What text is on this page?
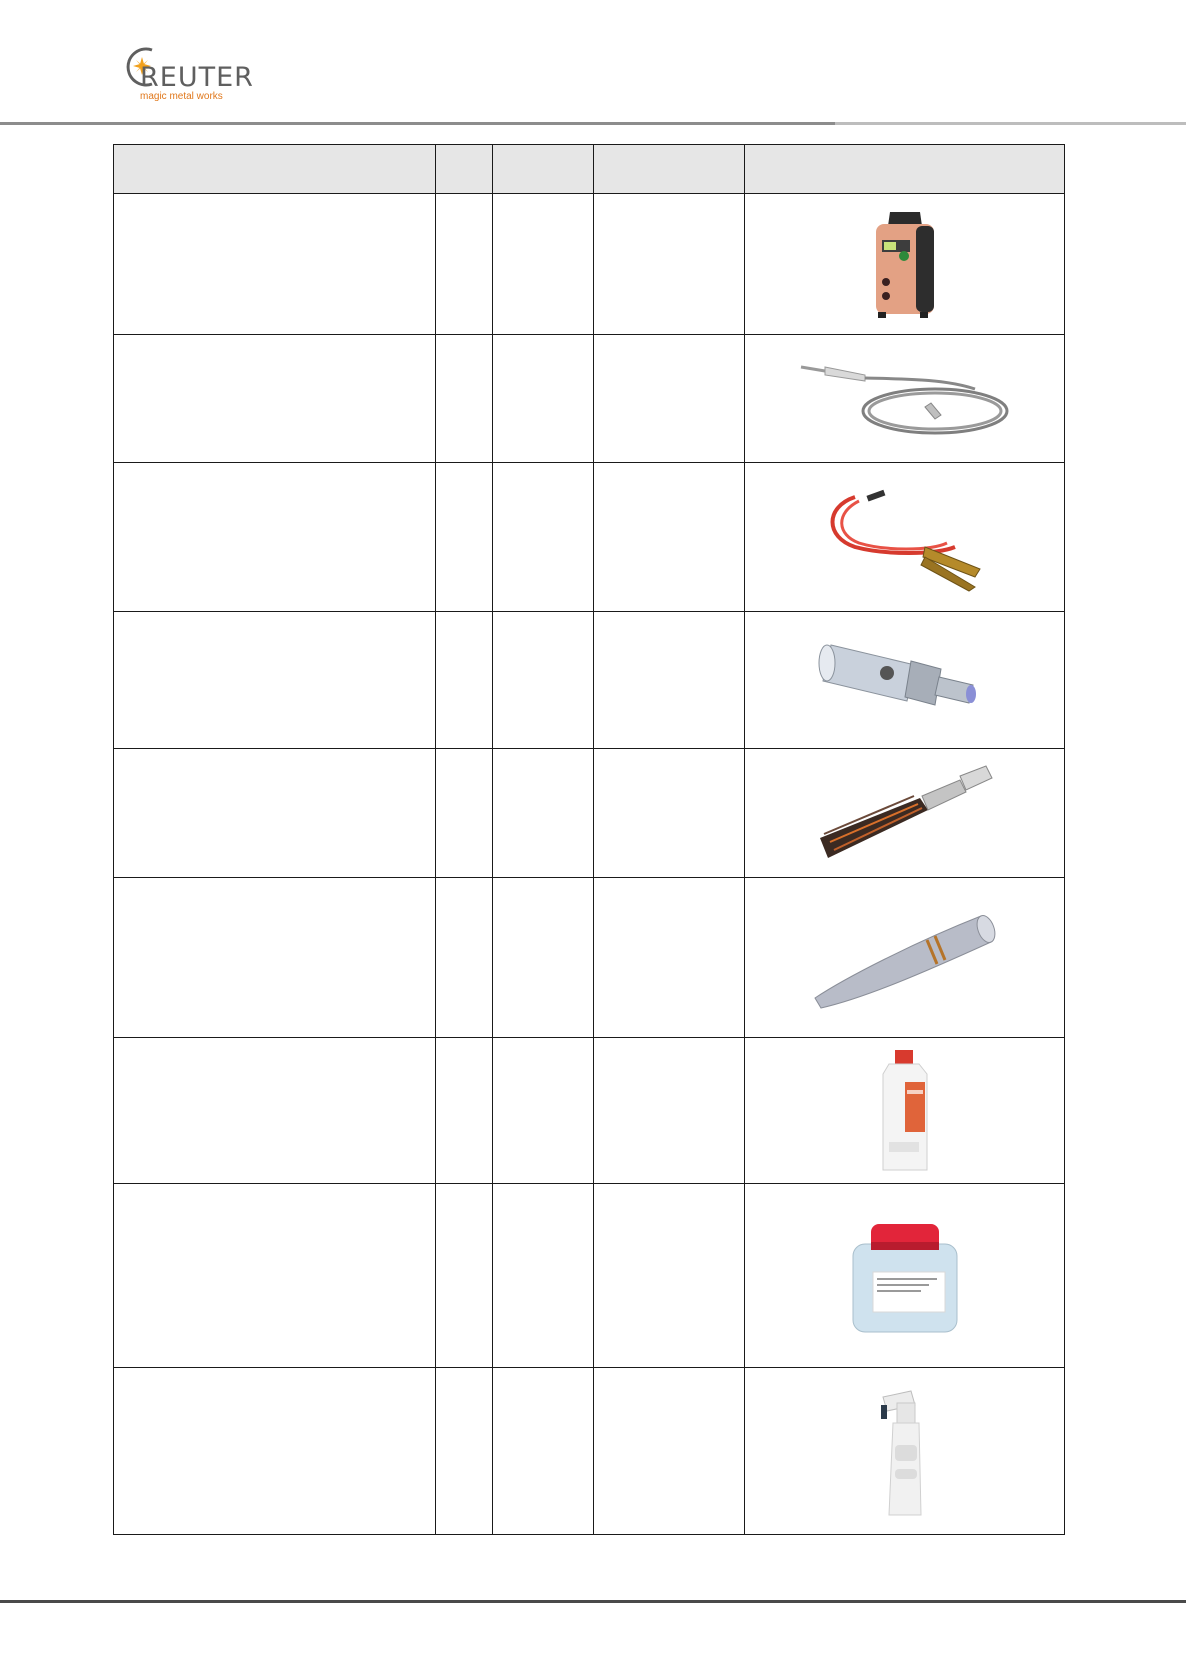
REUTER
magic metal works
